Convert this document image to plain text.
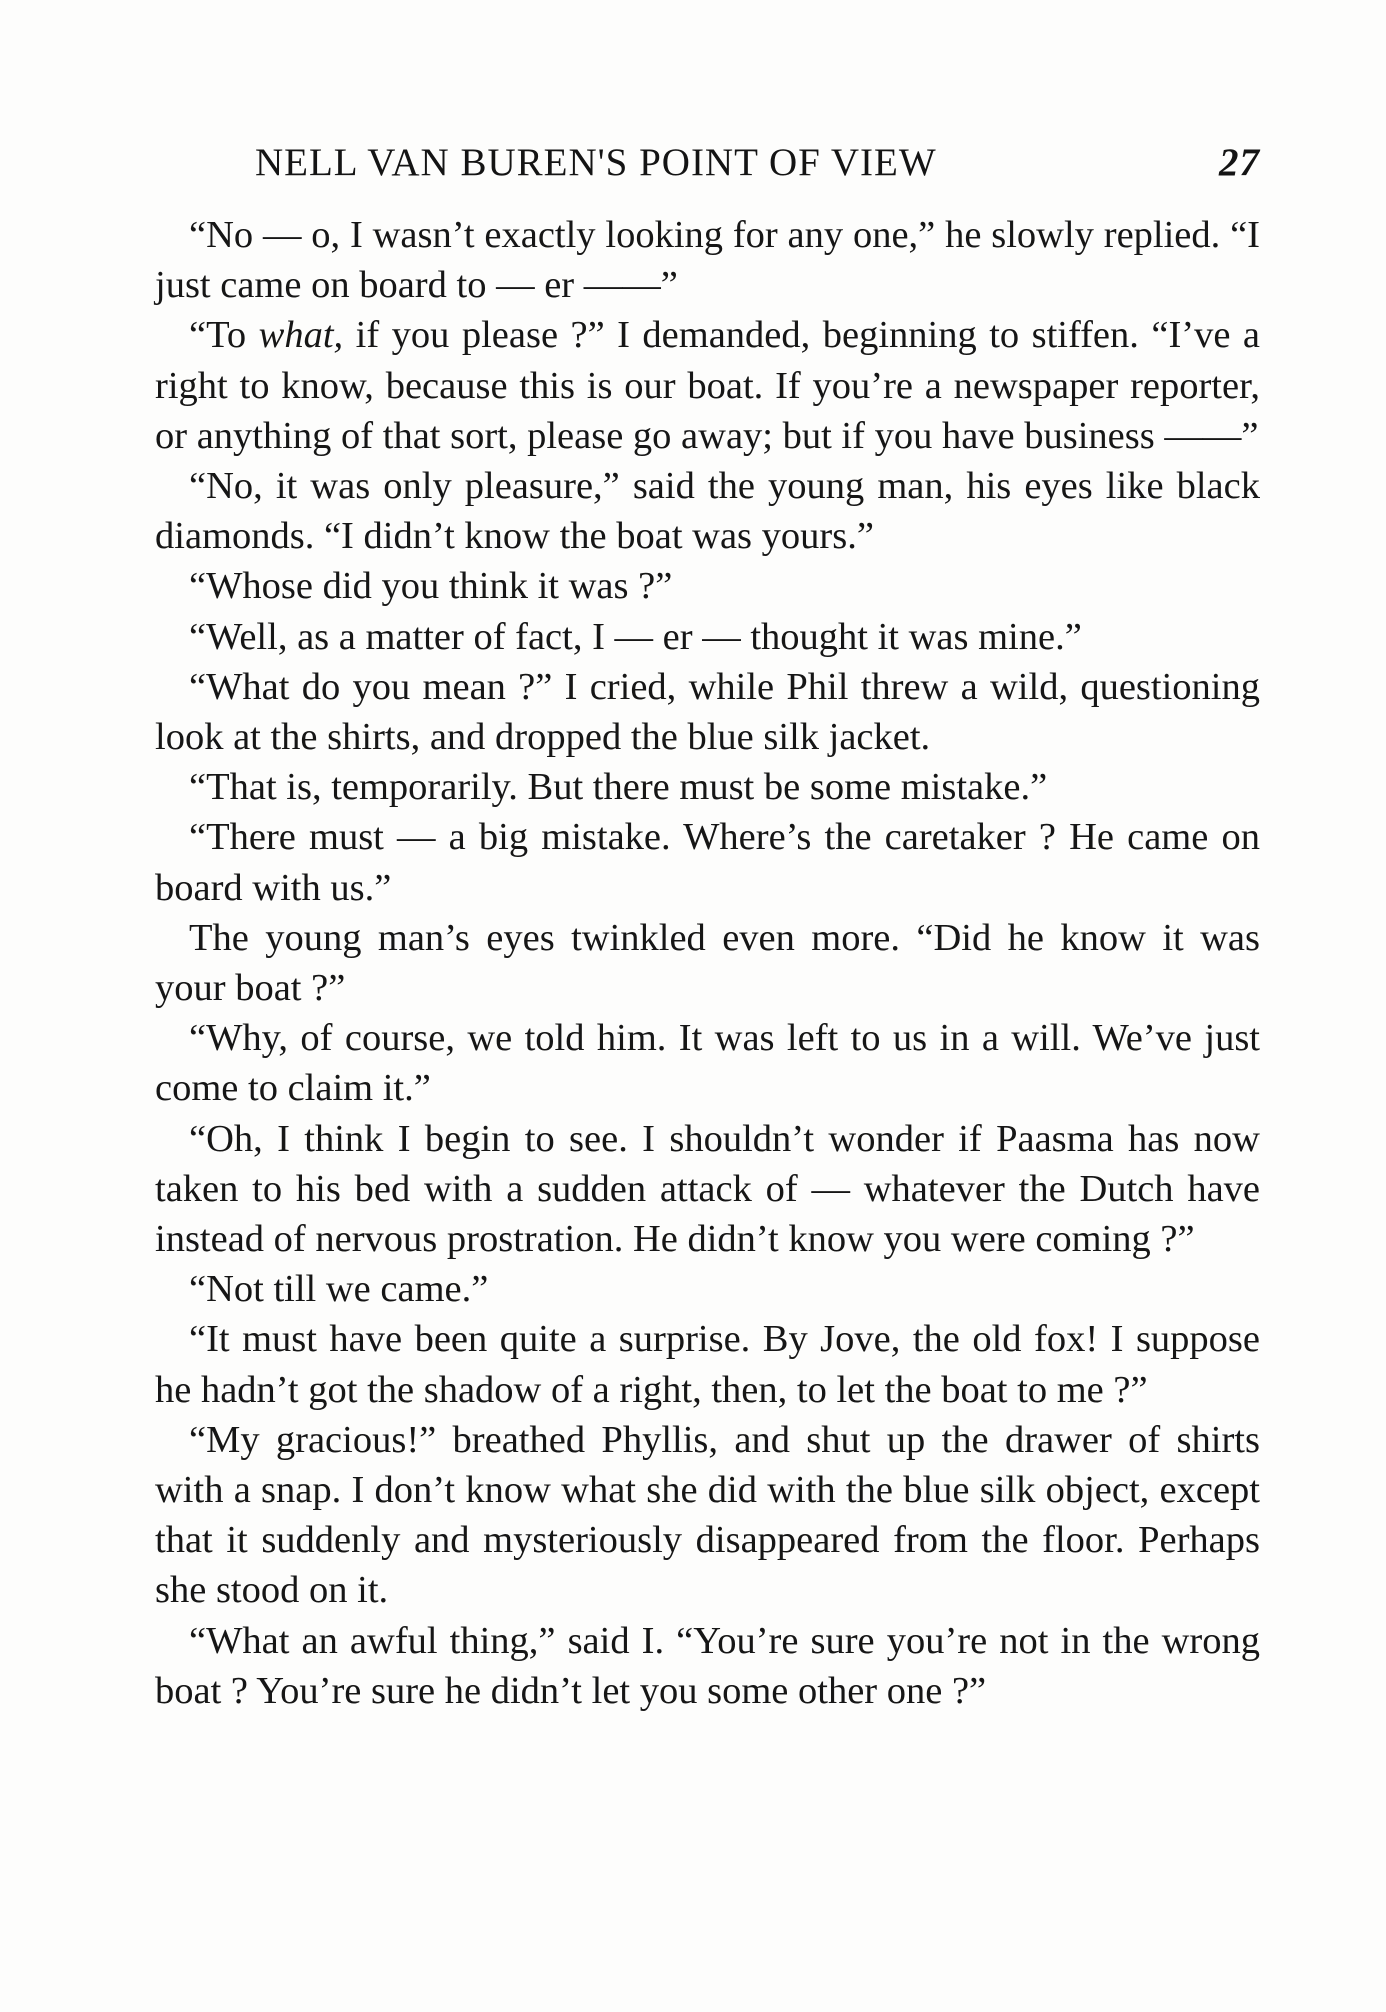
NELL VAN BUREN'S POINT OF VIEW	27

“No — o, I wasn’t exactly looking for any one,” he slowly replied. “I just came on board to — er ——”

“To what, if you please ?” I demanded, beginning to stiffen. “I’ve a right to know, because this is our boat. If you’re a newspaper reporter, or anything of that sort, please go away; but if you have business ——”

“No, it was only pleasure,” said the young man, his eyes like black diamonds. “I didn’t know the boat was yours.”

“Whose did you think it was ?”

“Well, as a matter of fact, I — er — thought it was mine.”

“What do you mean ?” I cried, while Phil threw a wild, questioning look at the shirts, and dropped the blue silk jacket.

“That is, temporarily. But there must be some mistake.”

“There must — a big mistake. Where’s the caretaker ? He came on board with us.”

The young man’s eyes twinkled even more. “Did he know it was your boat ?”

“Why, of course, we told him. It was left to us in a will. We’ve just come to claim it.”

“Oh, I think I begin to see. I shouldn’t wonder if Paasma has now taken to his bed with a sudden attack of — whatever the Dutch have instead of nervous prostration. He didn’t know you were coming ?”

“Not till we came.”

“It must have been quite a surprise. By Jove, the old fox! I suppose he hadn’t got the shadow of a right, then, to let the boat to me ?”

“My gracious!” breathed Phyllis, and shut up the drawer of shirts with a snap. I don’t know what she did with the blue silk object, except that it suddenly and mysteriously disappeared from the floor. Perhaps she stood on it.

“What an awful thing,” said I. “You’re sure you’re not in the wrong boat ? You’re sure he didn’t let you some other one ?”
